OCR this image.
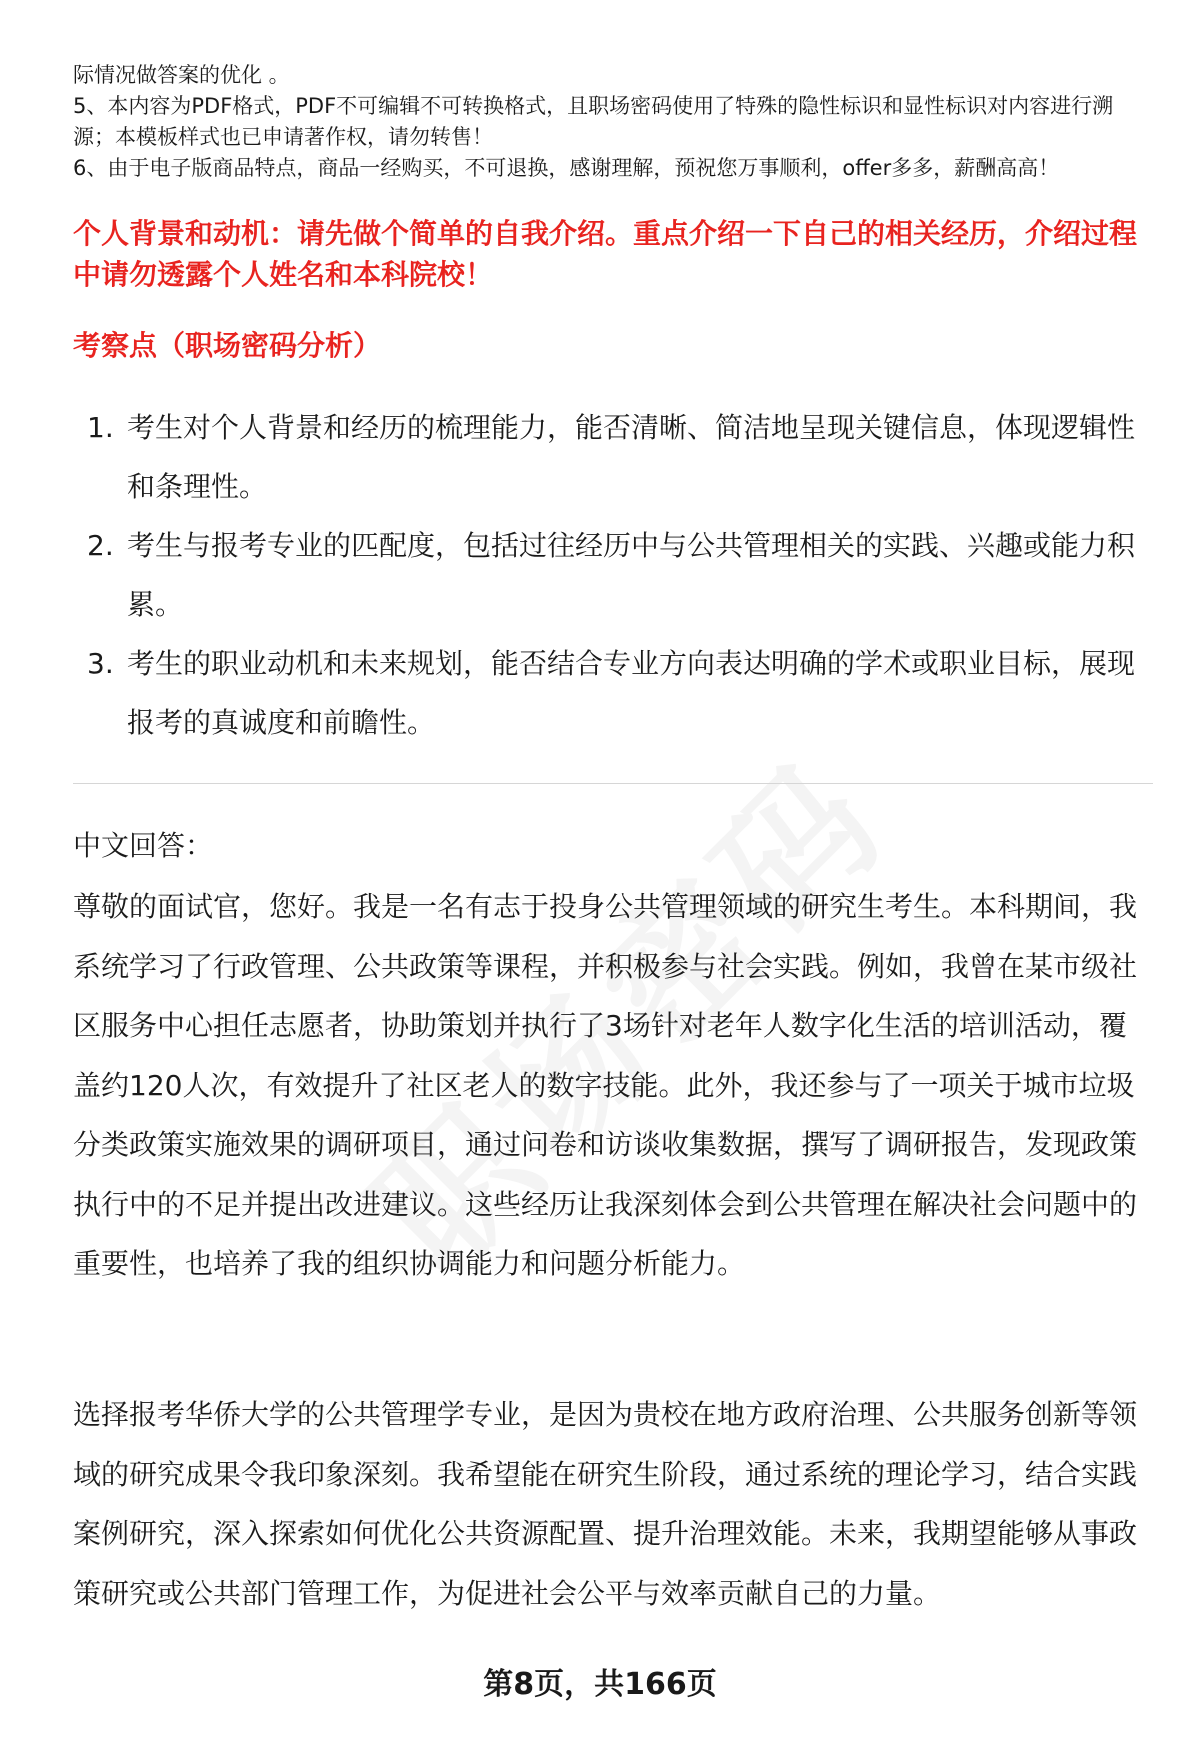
际情况做答案的优化 。

5、本内容为PDF格式，PDF不可编辑不可转换格式，且职场密码使用了特殊的隐性标识和显性标识对内容进行溯源；本模板样式也已申请著作权，请勿转售！

6、由于电子版商品特点，商品一经购买，不可退换，感谢理解，预祝您万事顺利，offer多多，薪酬高高！

个人背景和动机：请先做个简单的自我介绍。重点介绍一下自己的相关经历，介绍过程中请勿透露个人姓名和本科院校！

考察点（职场密码分析）

1. 考生对个人背景和经历的梳理能力，能否清晰、简洁地呈现关键信息，体现逻辑性和条理性。
2. 考生与报考专业的匹配度，包括过往经历中与公共管理相关的实践、兴趣或能力积累。
3. 考生的职业动机和未来规划，能否结合专业方向表达明确的学术或职业目标，展现报考的真诚度和前瞻性。

中文回答：

尊敬的面试官，您好。我是一名有志于投身公共管理领域的研究生考生。本科期间，我系统学习了行政管理、公共政策等课程，并积极参与社会实践。例如，我曾在某市级社区服务中心担任志愿者，协助策划并执行了3场针对老年人数字化生活的培训活动，覆盖约120人次，有效提升了社区老人的数字技能。此外，我还参与了一项关于城市垃圾分类政策实施效果的调研项目，通过问卷和访谈收集数据，撰写了调研报告，发现政策执行中的不足并提出改进建议。这些经历让我深刻体会到公共管理在解决社会问题中的重要性，也培养了我的组织协调能力和问题分析能力。

选择报考华侨大学的公共管理学专业，是因为贵校在地方政府治理、公共服务创新等领域的研究成果令我印象深刻。我希望能在研究生阶段，通过系统的理论学习，结合实践案例研究，深入探索如何优化公共资源配置、提升治理效能。未来，我期望能够从事政策研究或公共部门管理工作，为促进社会公平与效率贡献自己的力量。

第8页，共166页
